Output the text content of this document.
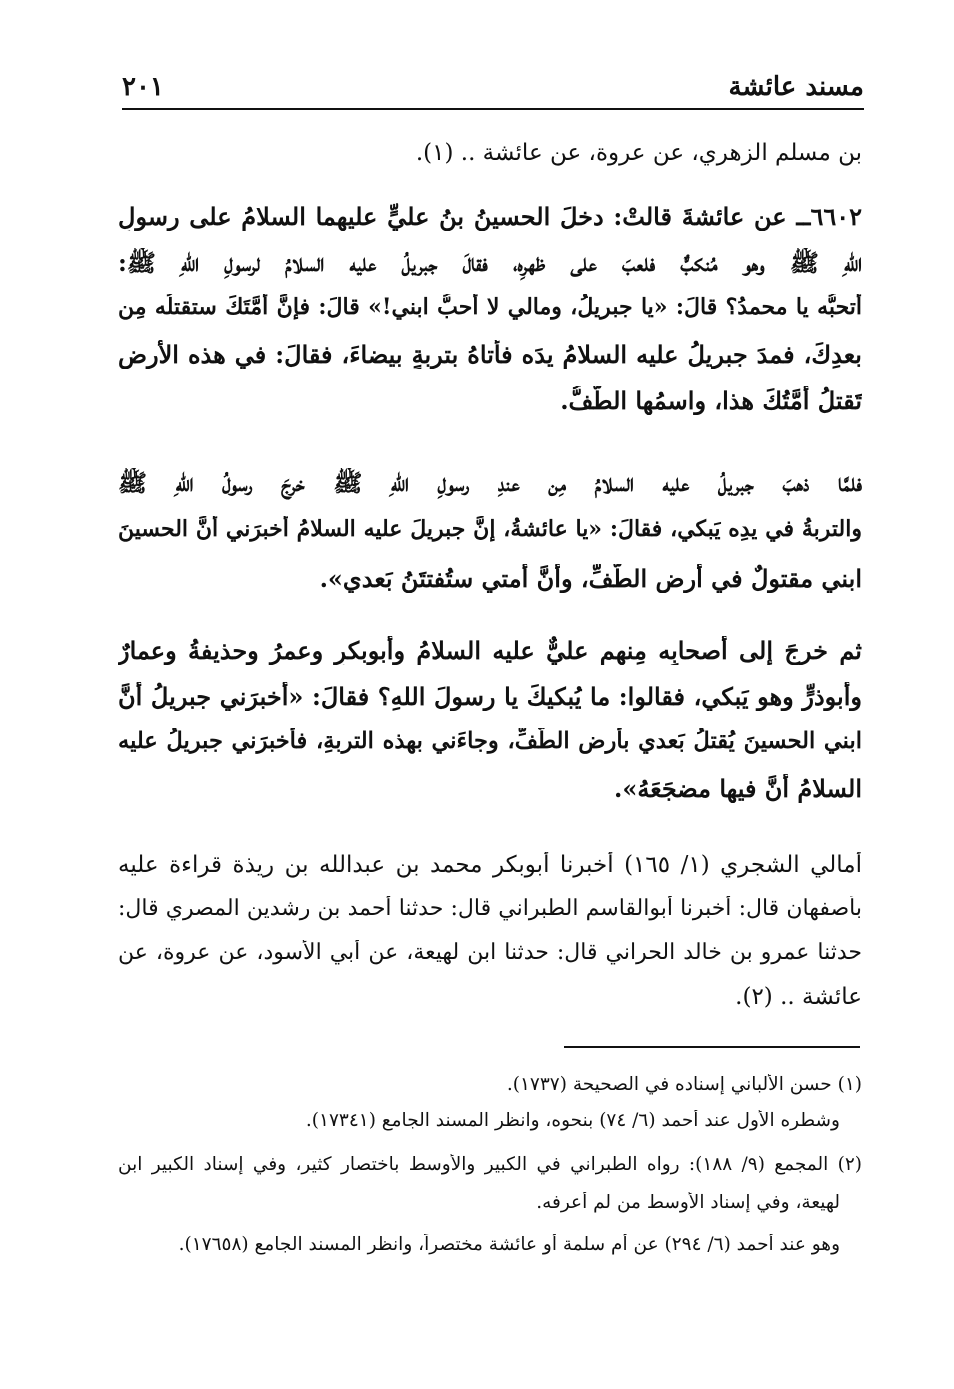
مسند عائشة
٢٠١
بن مسلم الزهري، عن عروة، عن عائشة .. (١).
٦٦٠٢ــ عن عائشةَ قالتْ: دخلَ الحسينُ بنُ عليٍّ عليهما السلامُ على رسولِ
اللهِ ﷺ وهو مُنكبٌّ فلعبَ على ظهرِه، فقالَ جبريلُ عليه السلامُ لرسولِ اللهِ ﷺ:
أتحبُّه يا محمدُ؟ قالَ: «يا جبريلُ، ومالي لا أحبُّ ابني!» قالَ: فإنَّ أمَّتَكَ ستقتلُه مِن
بعدِكَ، فمدَ جبريلُ عليه السلامُ يدَه فأتاهُ بتربةٍ بيضاءَ، فقالَ: في هذه الأرضِ
تَقتلُ أمَّتُكَ هذا، واسمُها الطَّفُّ.
فلمَّا ذهبَ جبريلُ عليه السلامُ مِن عندِ رسولِ اللهِ ﷺ خرجَ رسولُ اللهِ ﷺ
والتربةُ في يدِه يَبكي، فقالَ: «يا عائشةُ، إنَّ جبريلَ عليه السلامُ أخبرَني أنَّ الحسينَ
ابني مقتولٌ في أرضِ الطَّفِّ، وأنَّ أُمتي ستُفتتَنُ بَعدي».
ثم خرجَ إلى أصحابِه مِنهم عليٌّ عليه السلامُ وأبوبكرٍ وعمرُ وحذيفةُ وعمارٌ
وأبوذرٍّ وهو يَبكي، فقالوا: ما يُبكيكَ يا رسولَ اللهِ؟ فقالَ: «أخبرَني جبريلُ أنَّ
ابني الحسينَ يُقتلُ بَعدي بأرضِ الطَّفِّ، وجاءَني بهذه التربةِ، فأخبرَني جبريلُ عليه
السلامُ أنَّ فيها مضجَعَهُ».
أمالي الشجري (١/ ١٦٥) أخبرنا أبوبكر محمد بن عبدالله بن ريذة قراءة عليه
بأصفهان قال: أخبرنا أبوالقاسم الطبراني قال: حدثنا أحمد بن رشدين المصري قال:
حدثنا عمرو بن خالد الحراني قال: حدثنا ابن لهيعة، عن أبي الأسود، عن عروة، عن
عائشة .. (٢).
(١) حسن الألباني إسناده في الصحيحة (١٧٣٧).
وشطره الأول عند أحمد (٦/ ٧٤) بنحوه، وانظر المسند الجامع (١٧٣٤١).
(٢) المجمع (٩/ ١٨٨): رواه الطبراني في الكبير والأوسط باختصار كثير، وفي إسناد الكبير ابن
لهيعة، وفي إسناد الأوسط من لم أعرفه.
وهو عند أحمد (٦/ ٢٩٤) عن أم سلمة أو عائشة مختصراً، وانظر المسند الجامع (١٧٦٥٨).
